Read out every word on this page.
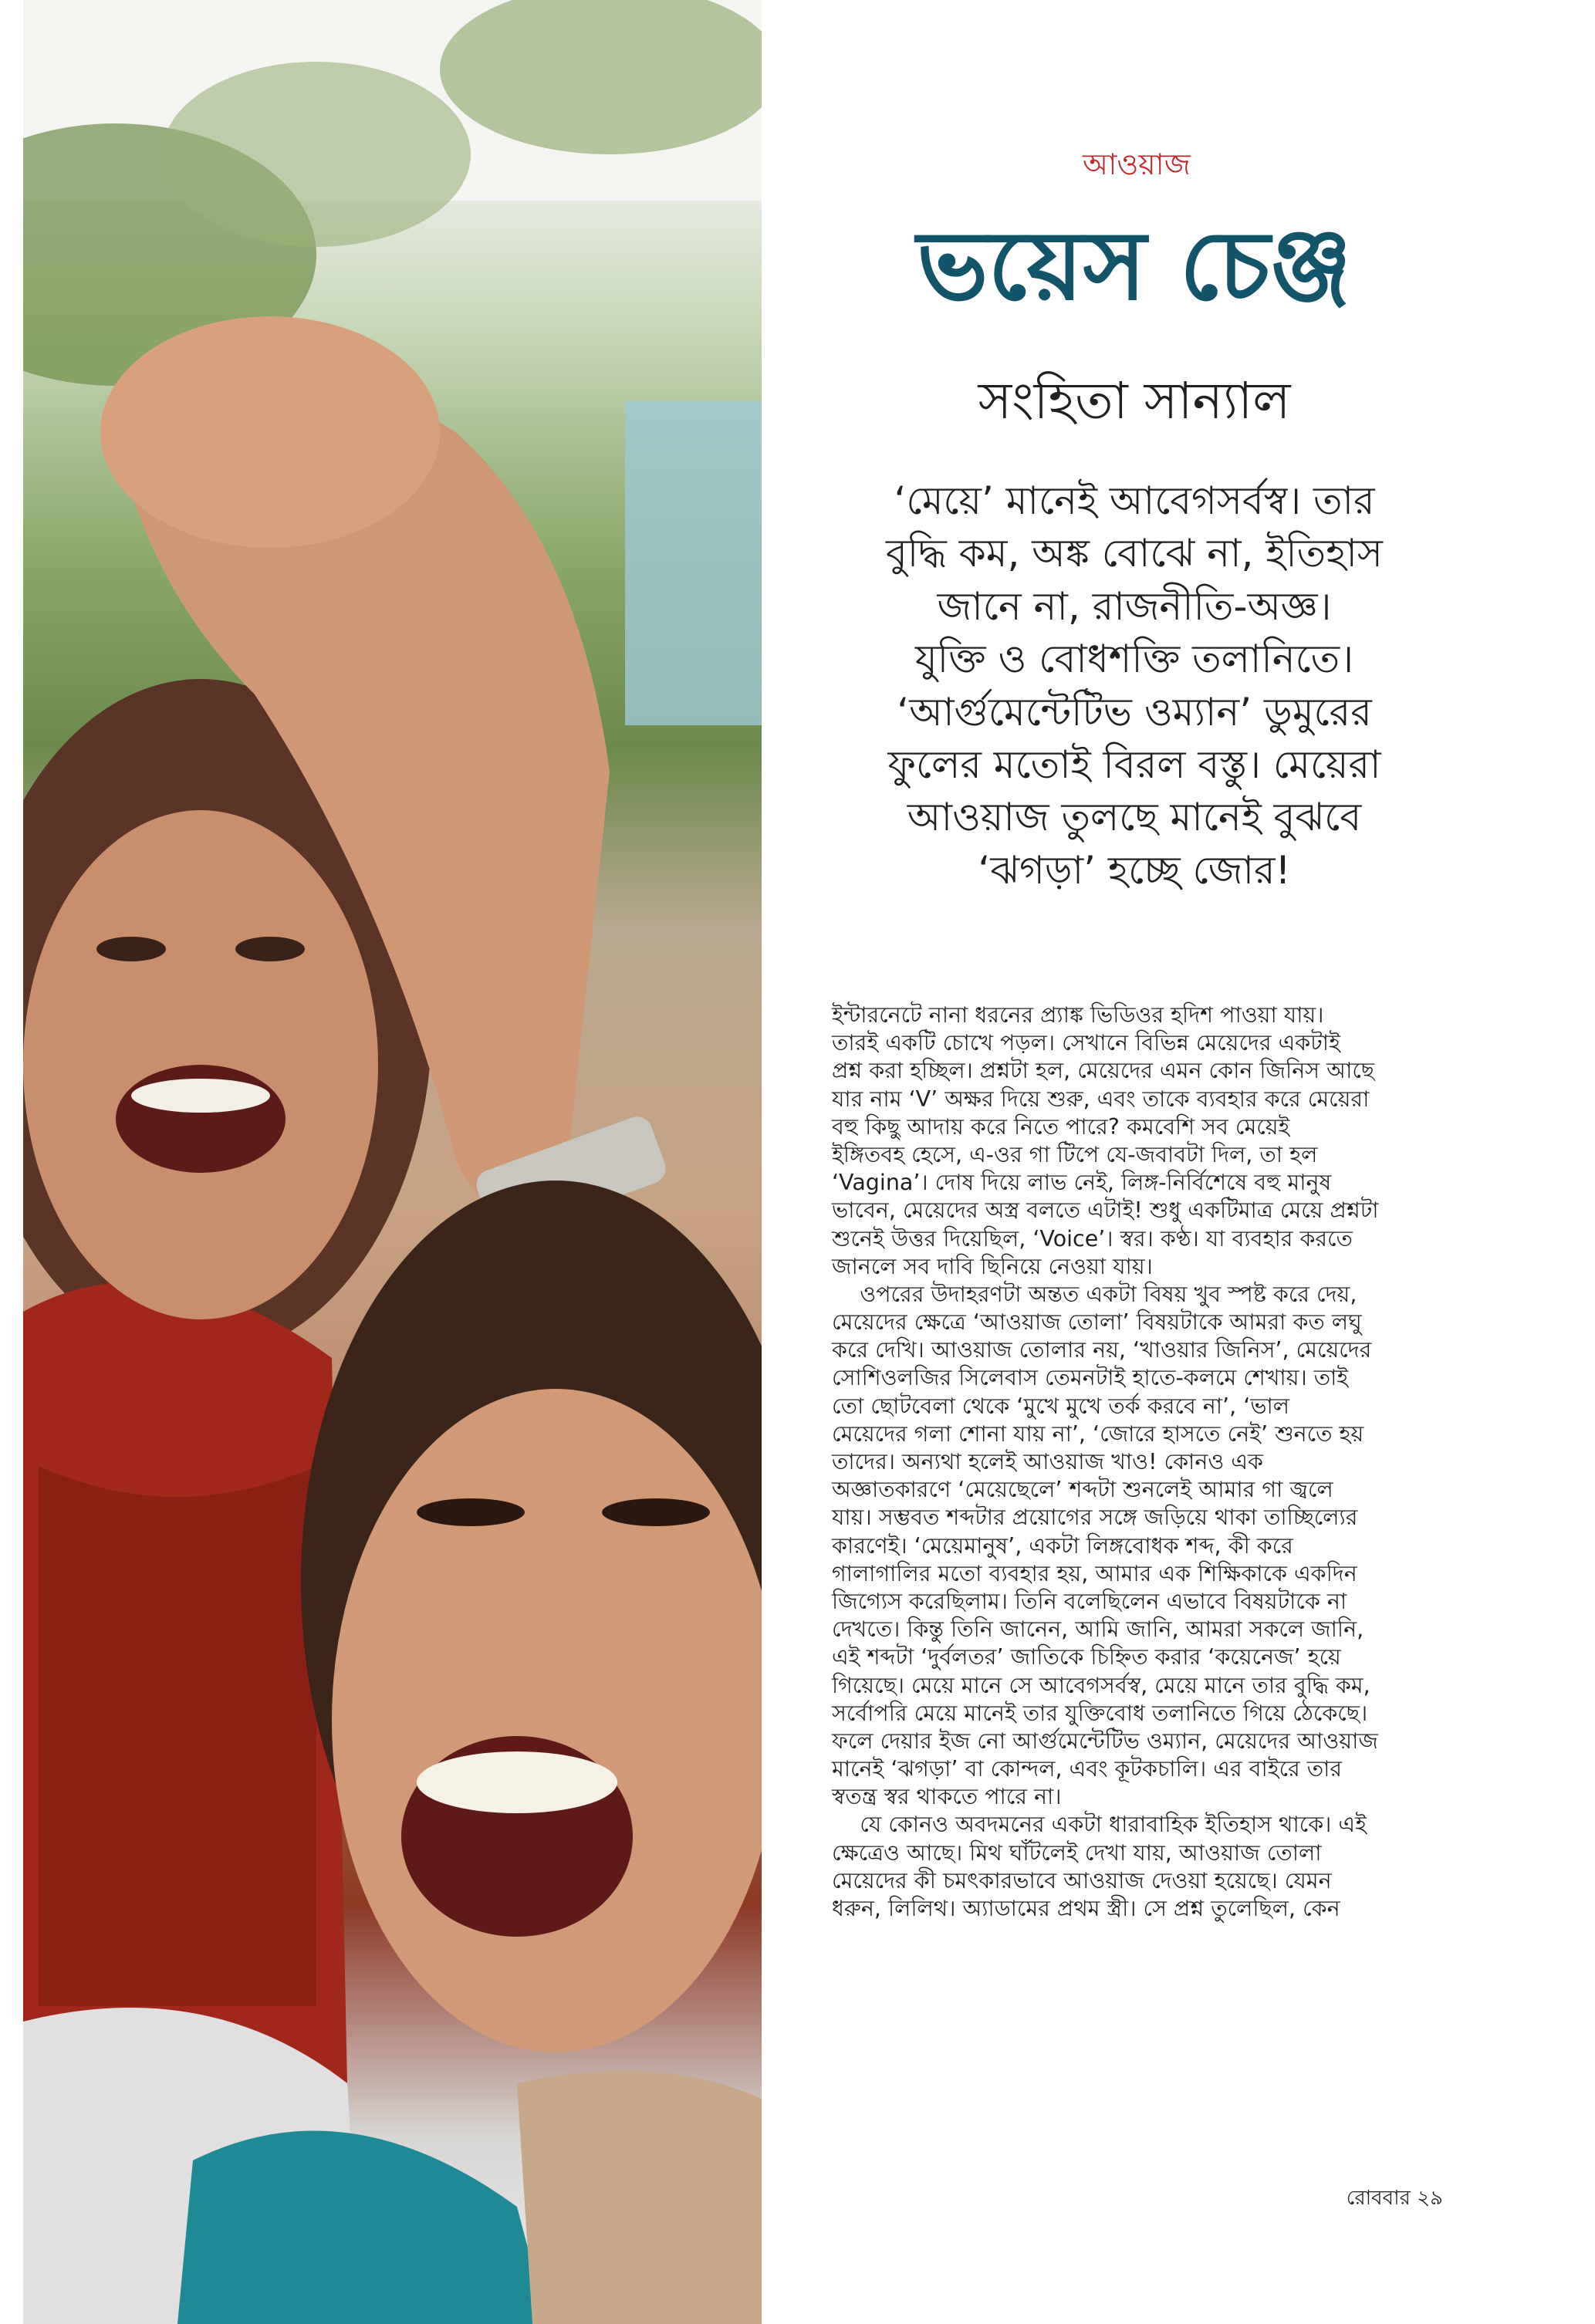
আওয়াজ
ভয়েস চেঞ্জ
সংহিতা সান্যাল
‘মেয়ে’ মানেই আবেগসর্বস্ব। তার
বুদ্ধি কম, অঙ্ক বোঝে না, ইতিহাস
জানে না, রাজনীতি-অজ্ঞ।
যুক্তি ও বোধশক্তি তলানিতে।
‘আর্গুমেন্টেটিভ ওম্যান’ ডুমুরের
ফুলের মতোই বিরল বস্তু। মেয়েরা
আওয়াজ তুলছে মানেই বুঝবে
‘ঝগড়া’ হচ্ছে জোর!
ইন্টারনেটে নানা ধরনের প্র্যাঙ্ক ভিডিওর হদিশ পাওয়া যায়।
তারই একটি চোখে পড়ল। সেখানে বিভিন্ন মেয়েদের একটাই
প্রশ্ন করা হচ্ছিল। প্রশ্নটা হল, মেয়েদের এমন কোন জিনিস আছে
যার নাম ‘V’ অক্ষর দিয়ে শুরু, এবং তাকে ব্যবহার করে মেয়েরা
বহু কিছু আদায় করে নিতে পারে? কমবেশি সব মেয়েই
ইঙ্গিতবহ হেসে, এ-ওর গা টিপে যে-জবাবটা দিল, তা হল
‘Vagina’। দোষ দিয়ে লাভ নেই, লিঙ্গ-নির্বিশেষে বহু মানুষ
ভাবেন, মেয়েদের অস্ত্র বলতে এটাই! শুধু একটিমাত্র মেয়ে প্রশ্নটা
শুনেই উত্তর দিয়েছিল, ‘Voice’। স্বর। কণ্ঠ। যা ব্যবহার করতে
জানলে সব দাবি ছিনিয়ে নেওয়া যায়।
ওপরের উদাহরণটা অন্তত একটা বিষয় খুব স্পষ্ট করে দেয়,
মেয়েদের ক্ষেত্রে ‘আওয়াজ তোলা’ বিষয়টাকে আমরা কত লঘু
করে দেখি। আওয়াজ তোলার নয়, ‘খাওয়ার জিনিস’, মেয়েদের
সোশিওলজির সিলেবাস তেমনটাই হাতে-কলমে শেখায়। তাই
তো ছোটবেলা থেকে ‘মুখে মুখে তর্ক করবে না’, ‘ভাল
মেয়েদের গলা শোনা যায় না’, ‘জোরে হাসতে নেই’ শুনতে হয়
তাদের। অন্যথা হলেই আওয়াজ খাও! কোনও এক
অজ্ঞাতকারণে ‘মেয়েছেলে’ শব্দটা শুনলেই আমার গা জ্বলে
যায়। সম্ভবত শব্দটার প্রয়োগের সঙ্গে জড়িয়ে থাকা তাচ্ছিল্যের
কারণেই। ‘মেয়েমানুষ’, একটা লিঙ্গবোধক শব্দ, কী করে
গালাগালির মতো ব্যবহার হয়, আমার এক শিক্ষিকাকে একদিন
জিগ্যেস করেছিলাম। তিনি বলেছিলেন এভাবে বিষয়টাকে না
দেখতে। কিন্তু তিনি জানেন, আমি জানি, আমরা সকলে জানি,
এই শব্দটা ‘দুর্বলতর’ জাতিকে চিহ্নিত করার ‘কয়েনেজ’ হয়ে
গিয়েছে। মেয়ে মানে সে আবেগসর্বস্ব, মেয়ে মানে তার বুদ্ধি কম,
সর্বোপরি মেয়ে মানেই তার যুক্তিবোধ তলানিতে গিয়ে ঠেকেছে।
ফলে দেয়ার ইজ নো আর্গুমেন্টেটিভ ওম্যান, মেয়েদের আওয়াজ
মানেই ‘ঝগড়া’ বা কোন্দল, এবং কূটকচালি। এর বাইরে তার
স্বতন্ত্র স্বর থাকতে পারে না।
যে কোনও অবদমনের একটা ধারাবাহিক ইতিহাস থাকে। এই
ক্ষেত্রেও আছে। মিথ ঘাঁটলেই দেখা যায়, আওয়াজ তোলা
মেয়েদের কী চমৎকারভাবে আওয়াজ দেওয়া হয়েছে। যেমন
ধরুন, লিলিথ। অ্যাডামের প্রথম স্ত্রী। সে প্রশ্ন তুলেছিল, কেন
রোববার ২৯
